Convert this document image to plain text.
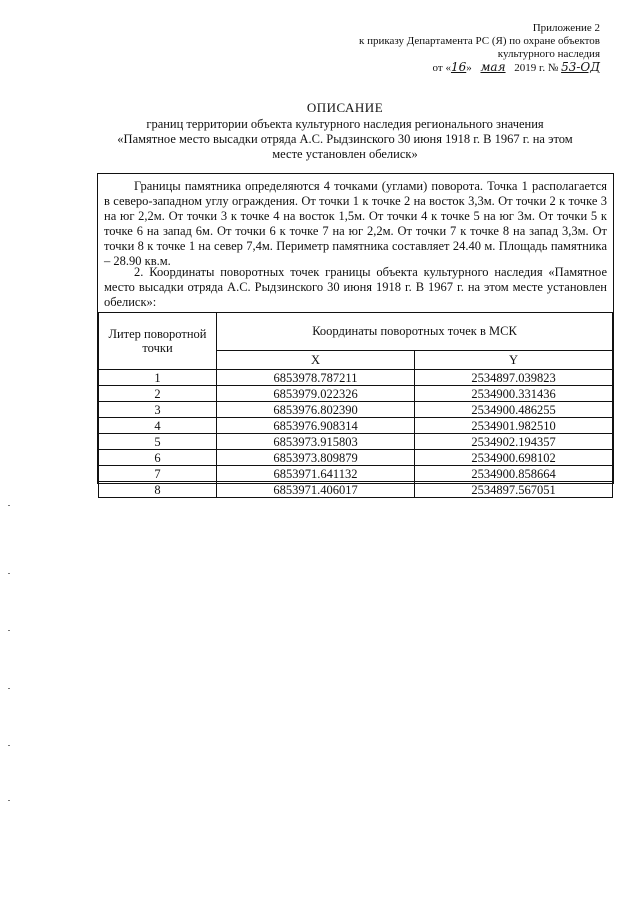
Приложение 2
к приказу Департамента РС (Я) по охране объектов
культурного наследия
от «16» мая 2019 г. № 53-ОД
ОПИСАНИЕ
границ территории объекта культурного наследия регионального значения
«Памятное место высадки отряда А.С. Рыдзинского 30 июня 1918 г. В 1967 г. на этом
месте установлен обелиск»
Границы памятника определяются 4 точками (углами) поворота. Точка 1 располагается в северо-западном углу ограждения. От точки 1 к точке 2 на восток 3,3м. От точки 2 к точке 3 на юг 2,2м. От точки 3 к точке 4 на восток 1,5м. От точки 4 к точке 5 на юг 3м. От точки 5 к точке 6 на запад 6м. От точки 6 к точке 7 на юг 2,2м. От точки 7 к точке 8 на запад 3,3м. От точки 8 к точке 1 на север 7,4м. Периметр памятника составляет 24.40 м. Площадь памятника – 28.90 кв.м.
2. Координаты поворотных точек границы объекта культурного наследия «Памятное место высадки отряда А.С. Рыдзинского 30 июня 1918 г. В 1967 г. на этом месте установлен обелиск»:
Литер поворотной точки	Координаты поворотных точек в МСК	
	X	Y
1	6853978.787211	2534897.039823
2	6853979.022326	2534900.331436
3	6853976.802390	2534900.486255
4	6853976.908314	2534901.982510
5	6853973.915803	2534902.194357
6	6853973.809879	2534900.698102
7	6853971.641132	2534900.858664
8	6853971.406017	2534897.567051
